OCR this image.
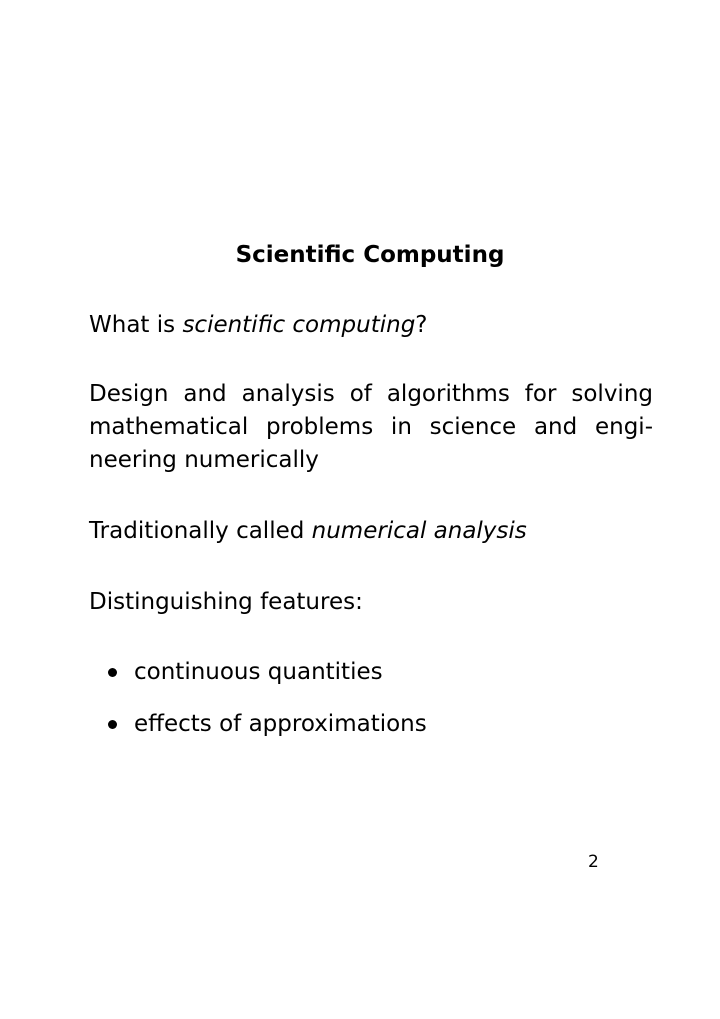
Scientific Computing

What is scientific computing?

Design and analysis of algorithms for solving
mathematical problems in science and engi-
neering numerically

Traditionally called numerical analysis

Distinguishing features:

continuous quantities
effects of approximations
2
